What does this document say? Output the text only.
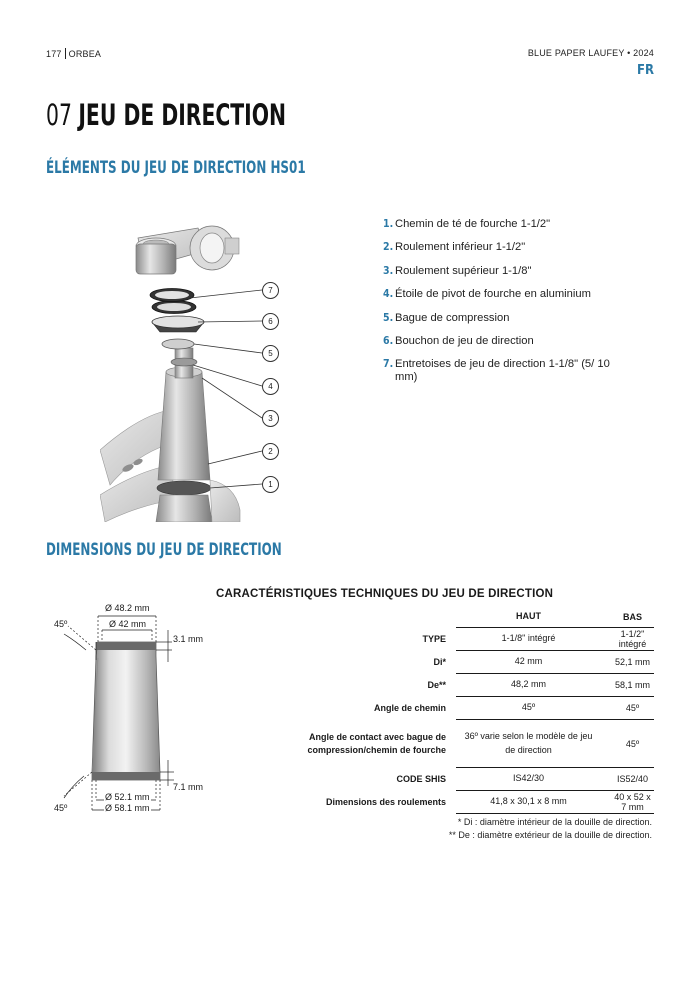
177 ORBEA	BLUE PAPER LAUFEY • 2024
FR
07 JEU DE DIRECTION
ÉLÉMENTS DU JEU DE DIRECTION HS01
7
6
5
4
3
2
1
1. Chemin de té de fourche 1-1/2"
2. Roulement inférieur 1-1/2"
3. Roulement supérieur 1-1/8"
4. Étoile de pivot de fourche en aluminium
5. Bague de compression
6. Bouchon de jeu de direction
7. Entretoises de jeu de direction 1-1/8" (5/ 10 mm)
DIMENSIONS DU JEU DE DIRECTION
Ø 48.2 mm
Ø 42 mm
45º
3.1 mm
7.1 mm
Ø 52.1 mm
Ø 58.1 mm
45º
CARACTÉRISTIQUES TECHNIQUES DU JEU DE DIRECTION
	HAUT	BAS
TYPE	1-1/8" intégré	1-1/2" intégré
Di*	42 mm	52,1 mm
De**	48,2 mm	58,1 mm
Angle de chemin	45º	45º
Angle de contact avec bague de compression/chemin de fourche	36º varie selon le modèle de jeu de direction	45º
CODE SHIS	IS42/30	IS52/40
Dimensions des roulements	41,8 x 30,1 x 8 mm	40 x 52 x 7 mm
* Di : diamètre intérieur de la douille de direction.
** De : diamètre extérieur de la douille de direction.
